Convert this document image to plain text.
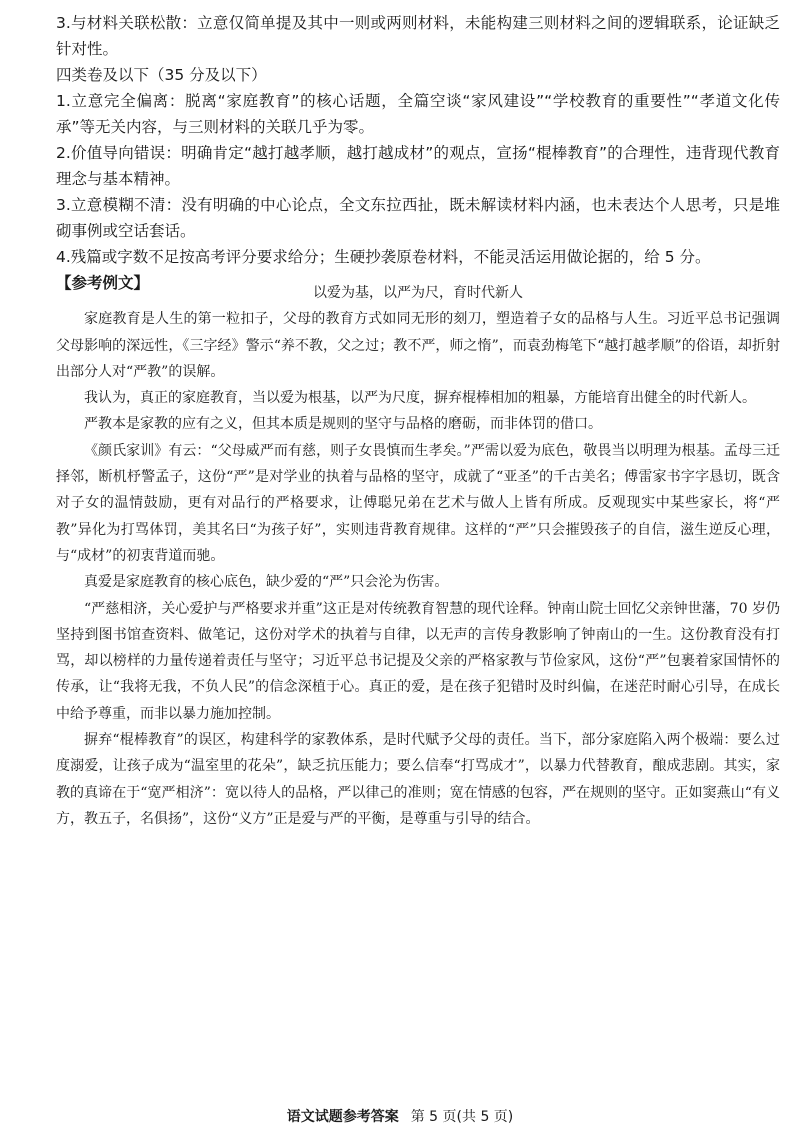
3.与材料关联松散：立意仅简单提及其中一则或两则材料，未能构建三则材料之间的逻辑联系，论证缺乏针对性。

四类卷及以下（35 分及以下）

1.立意完全偏离：脱离“家庭教育”的核心话题，全篇空谈“家风建设”“学校教育的重要性”“孝道文化传承”等无关内容，与三则材料的关联几乎为零。

2.价值导向错误：明确肯定“越打越孝顺，越打越成材”的观点，宣扬“棍棒教育”的合理性，违背现代教育理念与基本精神。

3.立意模糊不清：没有明确的中心论点，全文东拉西扯，既未解读材料内涵，也未表达个人思考，只是堆砌事例或空话套话。

4.残篇或字数不足按高考评分要求给分；生硬抄袭原卷材料，不能灵活运用做论据的，给 5 分。

【参考例文】

以爱为基，以严为尺，育时代新人

家庭教育是人生的第一粒扣子，父母的教育方式如同无形的刻刀，塑造着子女的品格与人生。习近平总书记强调父母影响的深远性，《三字经》警示“养不教，父之过；教不严，师之惰”，而袁劲梅笔下“越打越孝顺”的俗语，却折射出部分人对“严教”的误解。

我认为，真正的家庭教育，当以爱为根基，以严为尺度，摒弃棍棒相加的粗暴，方能培育出健全的时代新人。

严教本是家教的应有之义，但其本质是规则的坚守与品格的磨砺，而非体罚的借口。

《颜氏家训》有云：“父母威严而有慈，则子女畏慎而生孝矣。”严需以爱为底色，敬畏当以明理为根基。孟母三迁择邻，断机杼警孟子，这份“严”是对学业的执着与品格的坚守，成就了“亚圣”的千古美名；傅雷家书字字恳切，既含对子女的温情鼓励，更有对品行的严格要求，让傅聪兄弟在艺术与做人上皆有所成。反观现实中某些家长，将“严教”异化为打骂体罚，美其名曰“为孩子好”，实则违背教育规律。这样的“严”只会摧毁孩子的自信，滋生逆反心理，与“成材”的初衷背道而驰。

真爱是家庭教育的核心底色，缺少爱的“严”只会沦为伤害。

“严慈相济，关心爱护与严格要求并重”这正是对传统教育智慧的现代诠释。钟南山院士回忆父亲钟世藩，70 岁仍坚持到图书馆查资料、做笔记，这份对学术的执着与自律，以无声的言传身教影响了钟南山的一生。这份教育没有打骂，却以榜样的力量传递着责任与坚守；习近平总书记提及父亲的严格家教与节俭家风，这份“严”包裹着家国情怀的传承，让“我将无我，不负人民”的信念深植于心。真正的爱，是在孩子犯错时及时纠偏，在迷茫时耐心引导，在成长中给予尊重，而非以暴力施加控制。

摒弃“棍棒教育”的误区，构建科学的家教体系，是时代赋予父母的责任。当下，部分家庭陷入两个极端：要么过度溺爱，让孩子成为“温室里的花朵”，缺乏抗压能力；要么信奉“打骂成才”，以暴力代替教育，酿成悲剧。其实，家教的真谛在于“宽严相济”：宽以待人的品格，严以律己的准则；宽在情感的包容，严在规则的坚守。正如窦燕山“有义方，教五子，名俱扬”，这份“义方”正是爱与严的平衡，是尊重与引导的结合。

语文试题参考答案 第 5 页(共 5 页)
